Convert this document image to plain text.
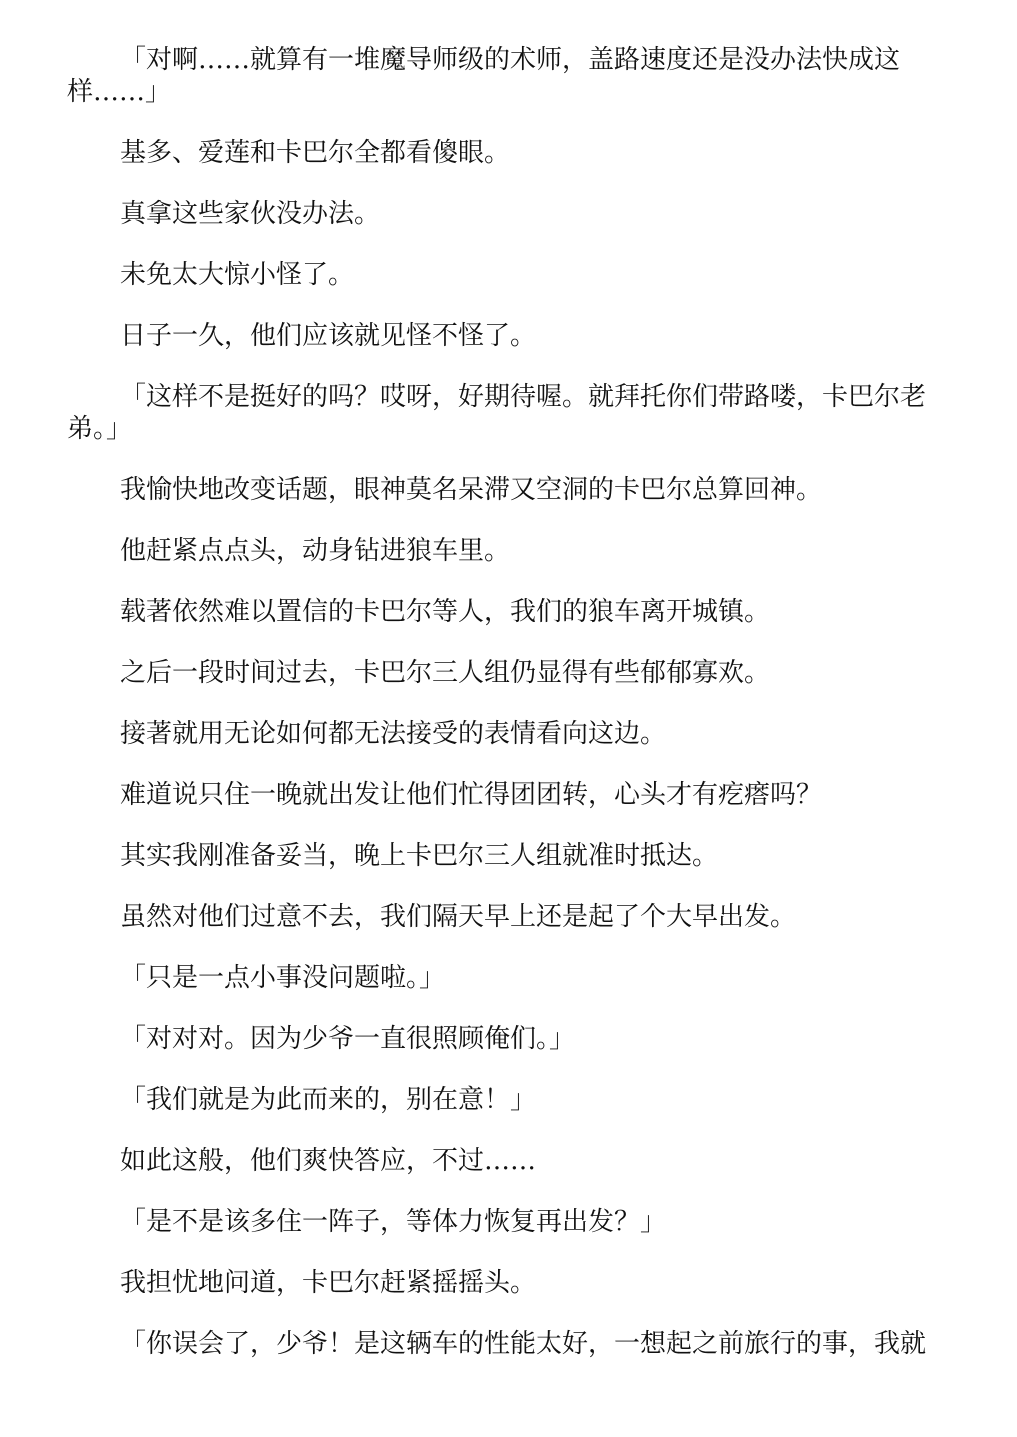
「对啊……就算有一堆魔导师级的术师，盖路速度还是没办法快成这样……」

基多、爱莲和卡巴尔全都看傻眼。

真拿这些家伙没办法。

未免太大惊小怪了。

日子一久，他们应该就见怪不怪了。

「这样不是挺好的吗？哎呀，好期待喔。就拜托你们带路喽，卡巴尔老弟。」

我愉快地改变话题，眼神莫名呆滞又空洞的卡巴尔总算回神。

他赶紧点点头，动身钻进狼车里。

载著依然难以置信的卡巴尔等人，我们的狼车离开城镇。

之后一段时间过去，卡巴尔三人组仍显得有些郁郁寡欢。

接著就用无论如何都无法接受的表情看向这边。

难道说只住一晚就出发让他们忙得团团转，心头才有疙瘩吗？

其实我刚准备妥当，晚上卡巴尔三人组就准时抵达。

虽然对他们过意不去，我们隔天早上还是起了个大早出发。

「只是一点小事没问题啦。」

「对对对。因为少爷一直很照顾俺们。」

「我们就是为此而来的，别在意！」

如此这般，他们爽快答应，不过……

「是不是该多住一阵子，等体力恢复再出发？」

我担忧地问道，卡巴尔赶紧摇摇头。

「你误会了，少爷！是这辆车的性能太好，一想起之前旅行的事，我就
